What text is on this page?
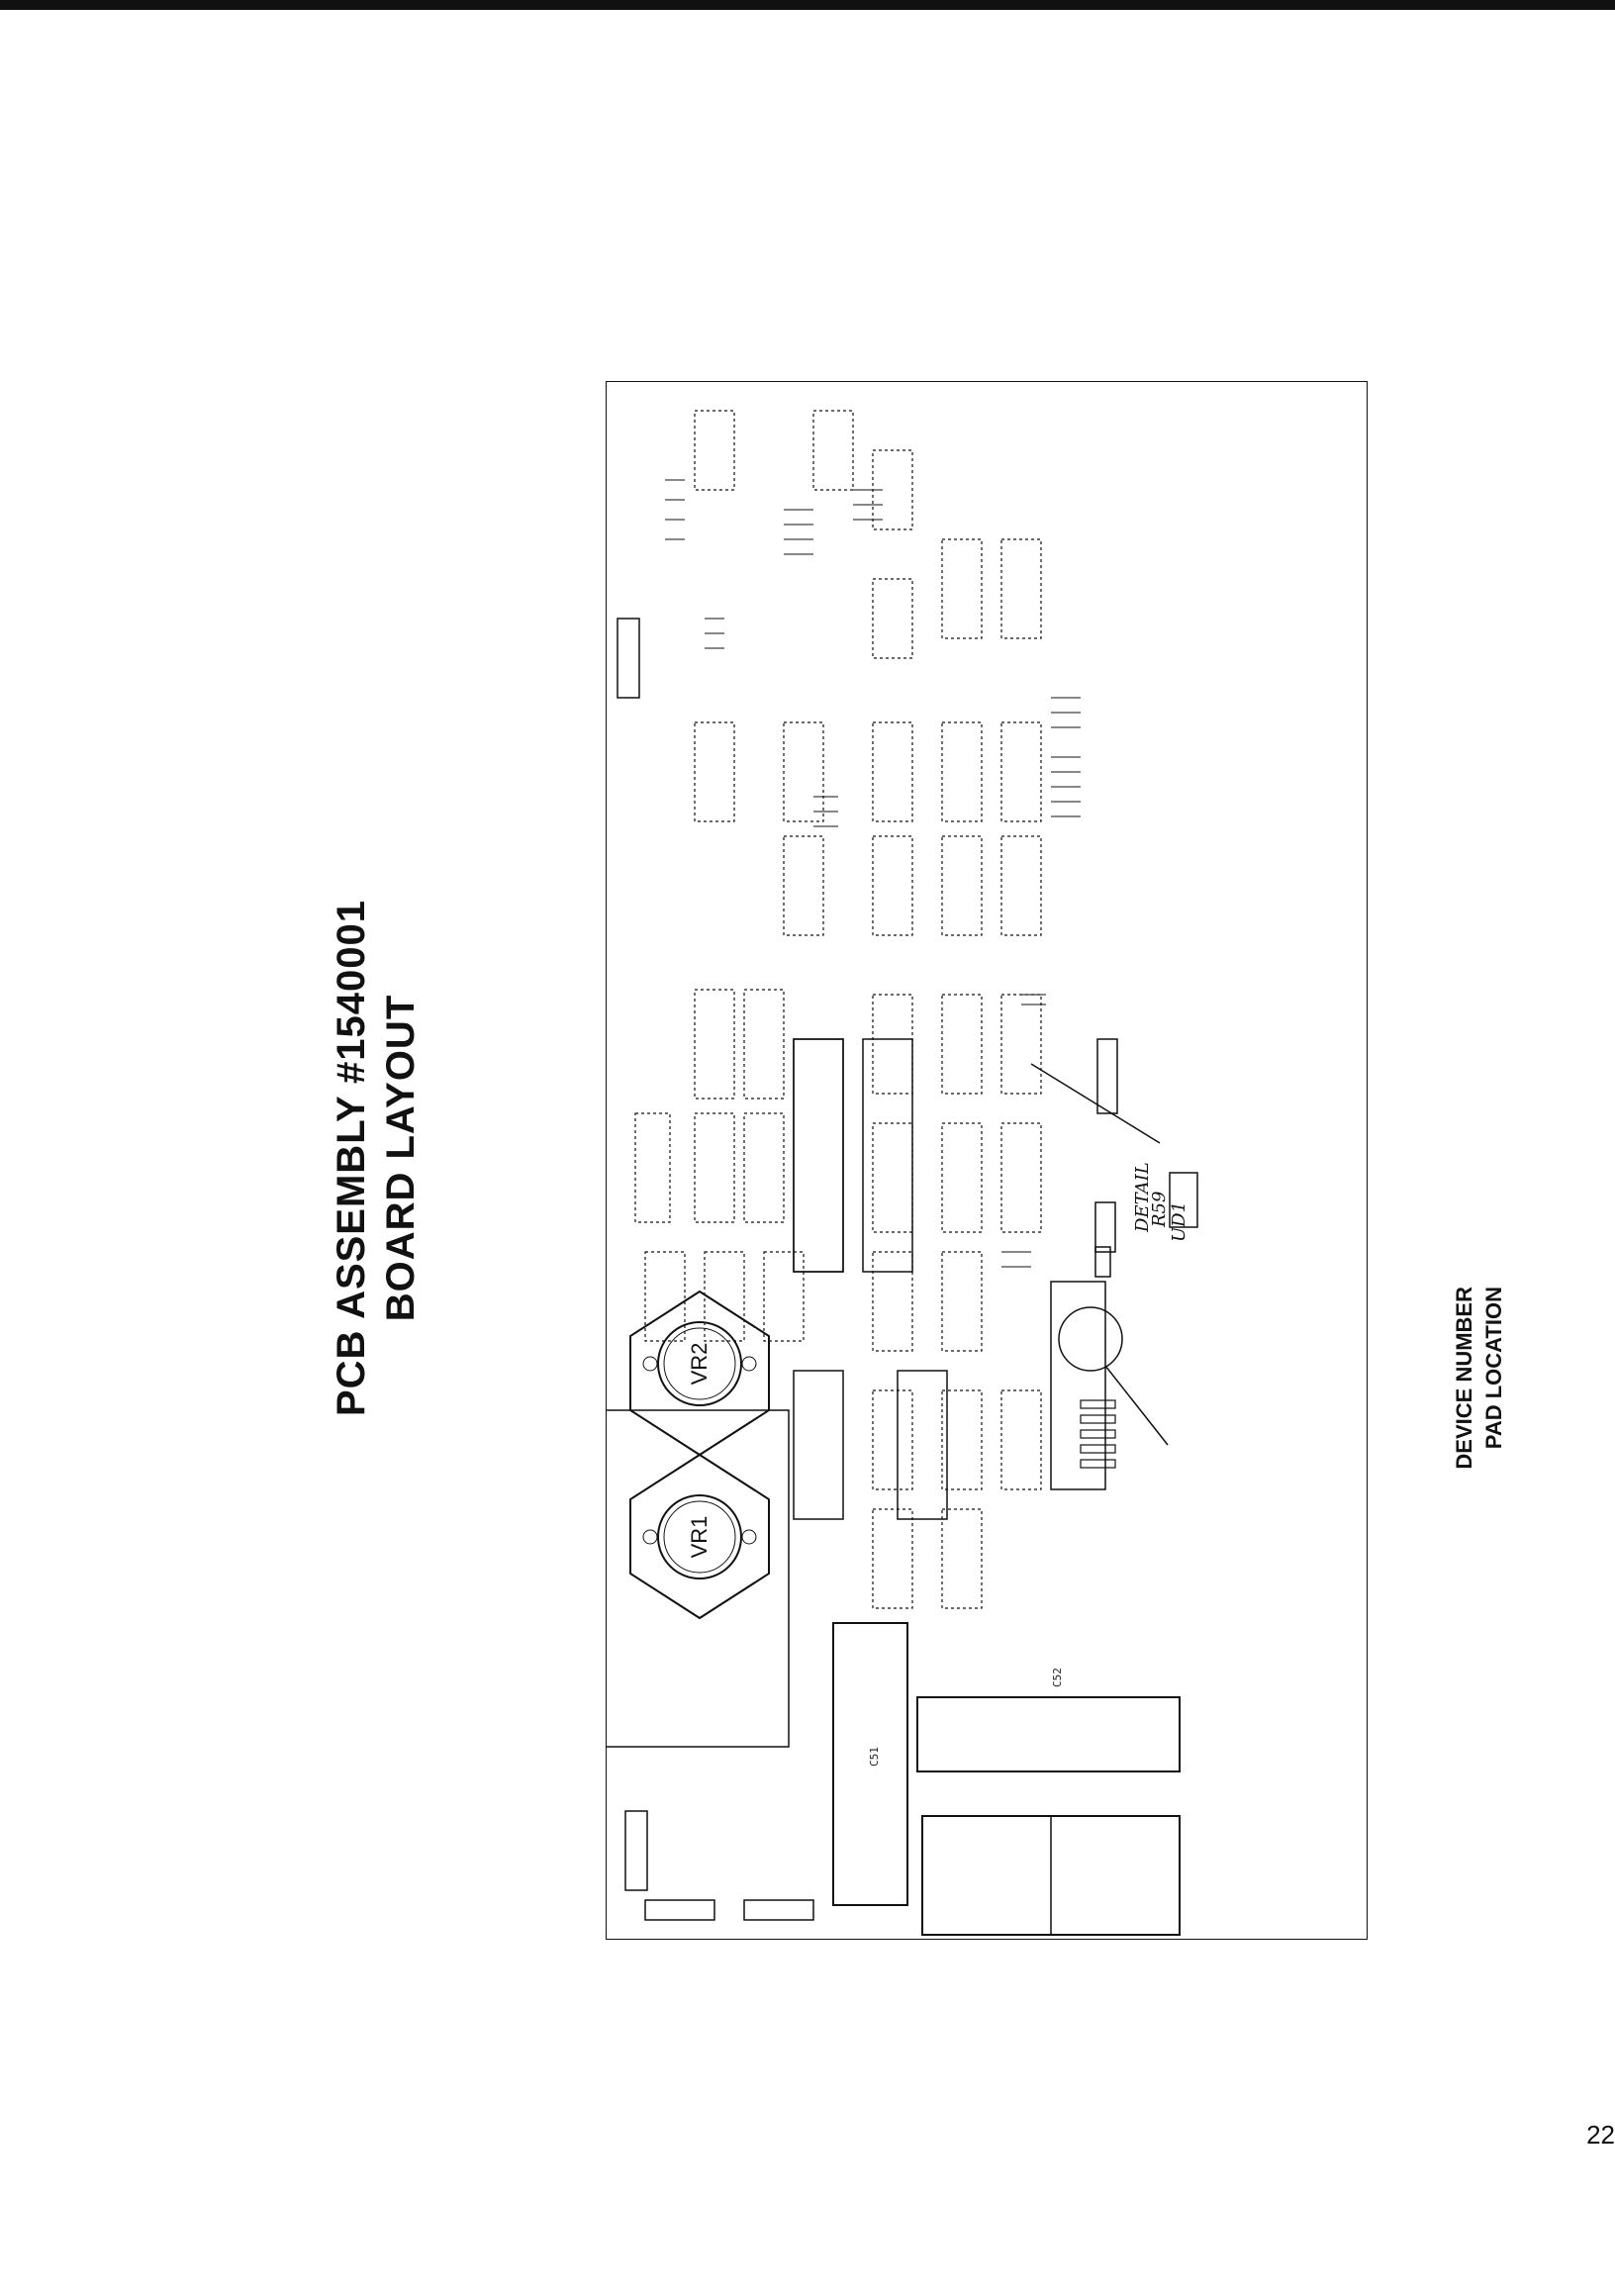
PCB ASSEMBLY #1540001 BOARD LAYOUT
VR1
VR2
C51
C52
DETAIL
R59 UD1
DEVICE NUMBER PAD LOCATION
22
